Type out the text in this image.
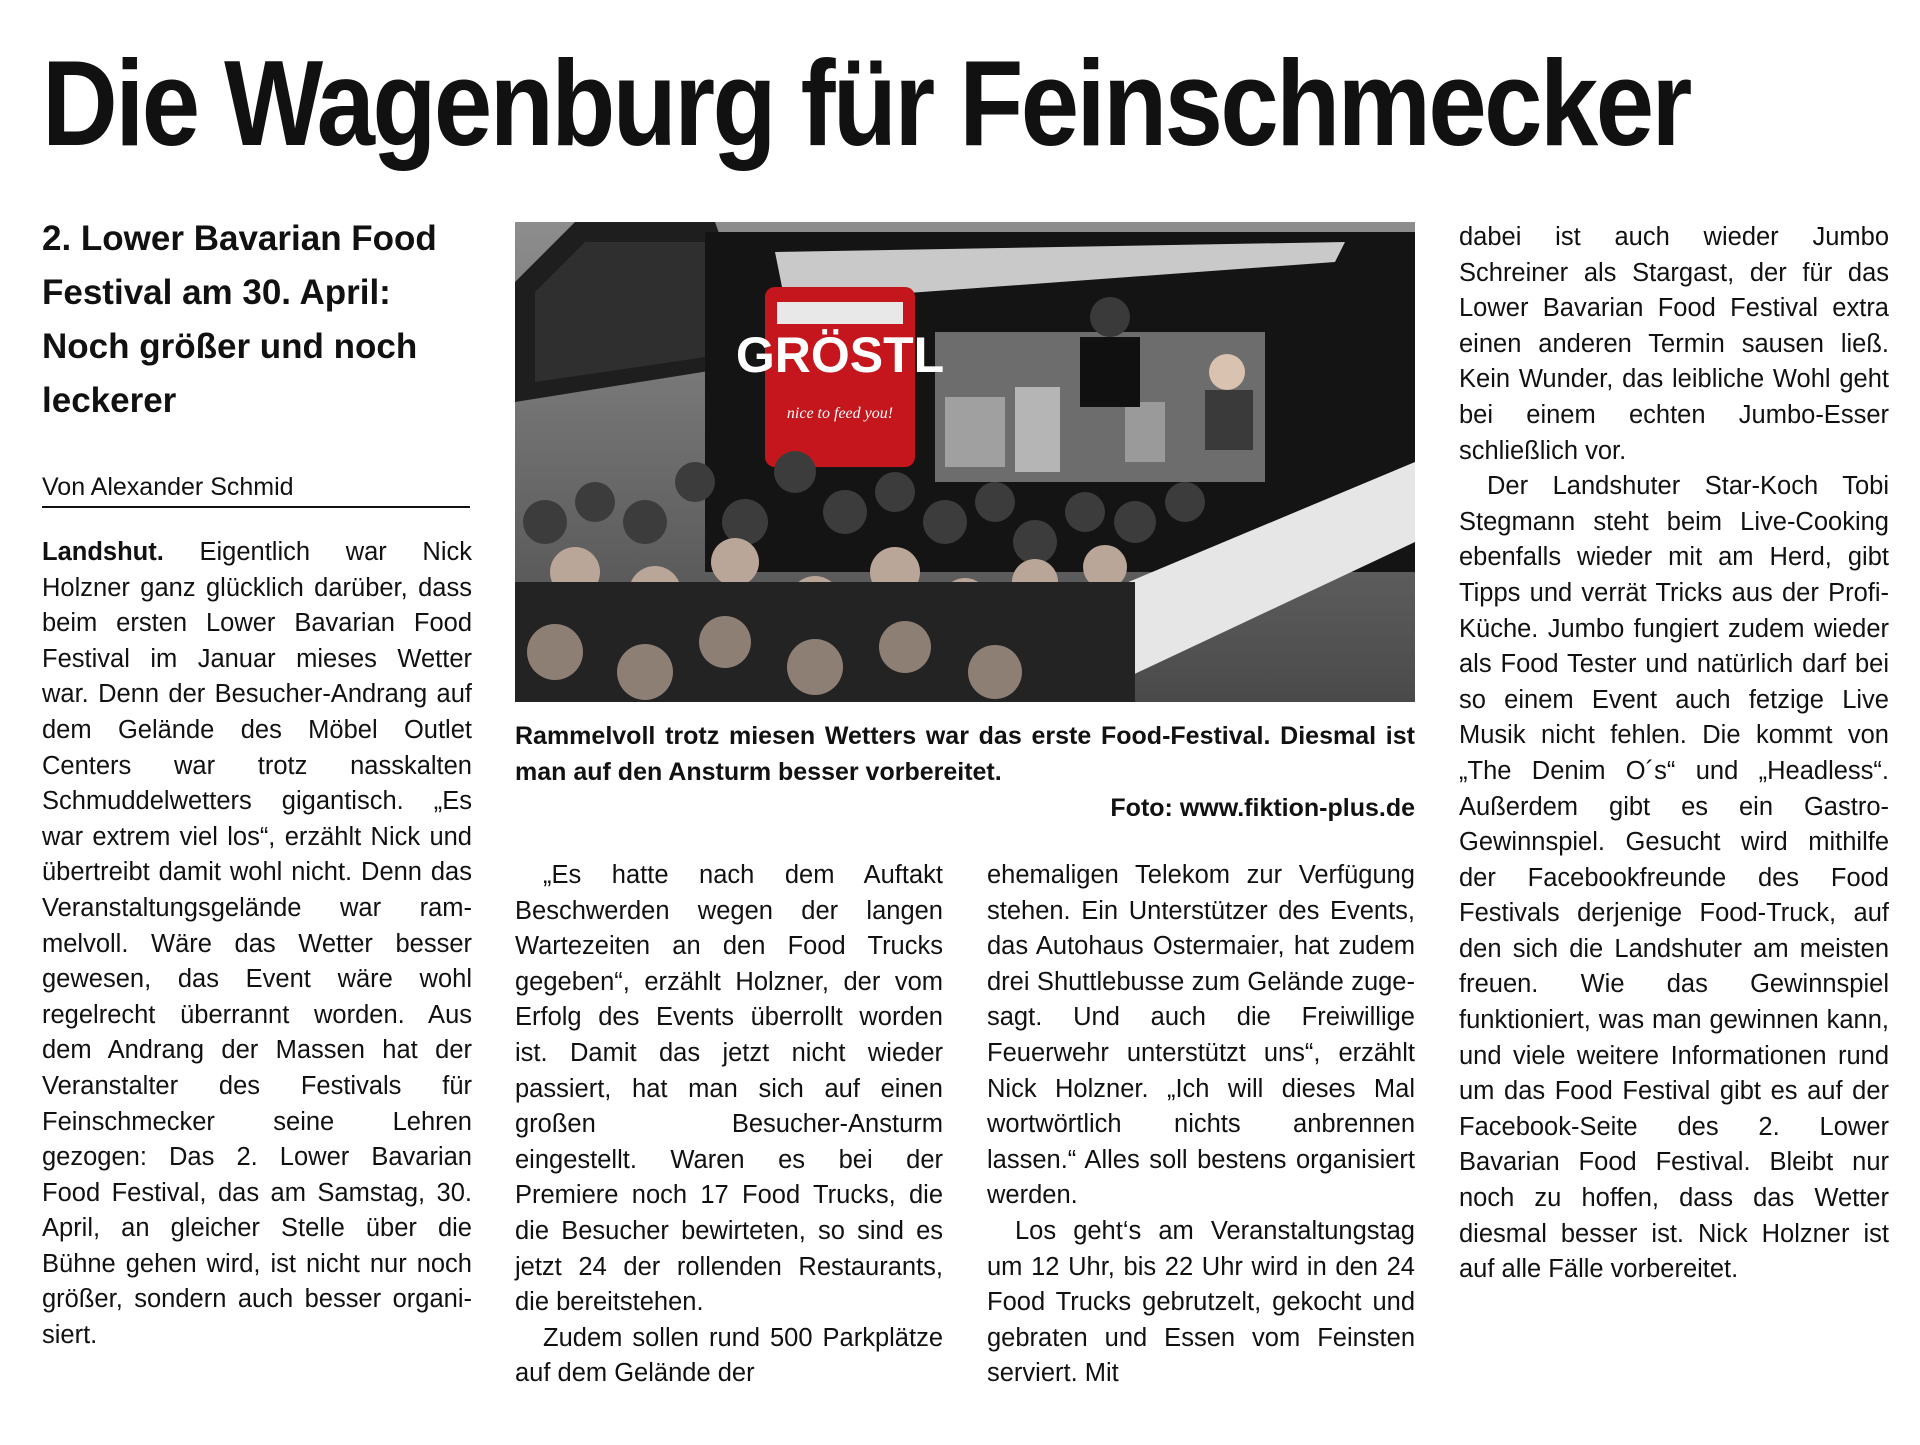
Die Wagenburg für Feinschmecker
2. Lower Bavarian Food Festival am 30. April: Noch größer und noch leckerer
Von Alexander Schmid

Landshut. Eigentlich war Nick Holzner ganz glücklich darüber, dass beim ersten Lower Bavarian Food Festival im Januar mieses Wetter war. Denn der Besucher-Andrang auf dem Gelände des Möbel Outlet Centers war trotz nasskalten Schmuddelwetters gigantisch. „Es war extrem viel los“, erzählt Nick und übertreibt damit wohl nicht. Denn das Veranstaltungsgelände war rammelvoll. Wäre das Wetter besser gewesen, das Event wäre wohl regelrecht überrannt worden. Aus dem Andrang der Massen hat der Veranstalter des Festivals für Feinschmecker seine Lehren gezogen: Das 2. Lower Bavarian Food Festival, das am Samstag, 30. April, an gleicher Stelle über die Bühne gehen wird, ist nicht nur noch größer, sondern auch besser organisiert.

GRÖSTL
nice to feed you!
Rammelvoll trotz miesen Wetters war das erste Food-Festival. Diesmal ist man auf den Ansturm besser vorbereitet.
Foto: www.fiktion-plus.de

„Es hatte nach dem Auftakt Beschwerden wegen der langen Wartezeiten an den Food Trucks gegeben“, erzählt Holzner, der vom Erfolg des Events überrollt worden ist. Damit das jetzt nicht wieder passiert, hat man sich auf einen großen Besucher-Ansturm eingestellt. Waren es bei der Premiere noch 17 Food Trucks, die die Besucher bewirteten, so sind es jetzt 24 der rollenden Restaurants, die bereitstehen.

Zudem sollen rund 500 Parkplätze auf dem Gelände der

ehemaligen Telekom zur Verfügung stehen. Ein Unterstützer des Events, das Autohaus Ostermaier, hat zudem drei Shuttlebusse zum Gelände zugesagt. Und auch die Freiwillige Feuerwehr unterstützt uns“, erzählt Nick Holzner. „Ich will dieses Mal wortwörtlich nichts anbrennen lassen.“ Alles soll bestens organisiert werden.

Los geht‘s am Veranstaltungstag um 12 Uhr, bis 22 Uhr wird in den 24 Food Trucks gebrutzelt, gekocht und gebraten und Essen vom Feinsten serviert. Mit

dabei ist auch wieder Jumbo Schreiner als Stargast, der für das Lower Bavarian Food Festival extra einen anderen Termin sausen ließ. Kein Wunder, das leibliche Wohl geht bei einem echten Jumbo-Esser schließlich vor.

Der Landshuter Star-Koch Tobi Stegmann steht beim Live-Cooking ebenfalls wieder mit am Herd, gibt Tipps und verrät Tricks aus der Profi-Küche. Jumbo fungiert zudem wieder als Food Tester und natürlich darf bei so einem Event auch fetzige Live Musik nicht fehlen. Die kommt von „The Denim O´s“ und „Headless“. Außerdem gibt es ein Gastro-Gewinnspiel. Gesucht wird mithilfe der Facebookfreunde des Food Festivals derjenige Food-Truck, auf den sich die Landshuter am meisten freuen. Wie das Gewinnspiel funktioniert, was man gewinnen kann, und viele weitere Informationen rund um das Food Festival gibt es auf der Facebook-Seite des 2. Lower Bavarian Food Festival. Bleibt nur noch zu hoffen, dass das Wetter diesmal besser ist. Nick Holzner ist auf alle Fälle vorbereitet.
